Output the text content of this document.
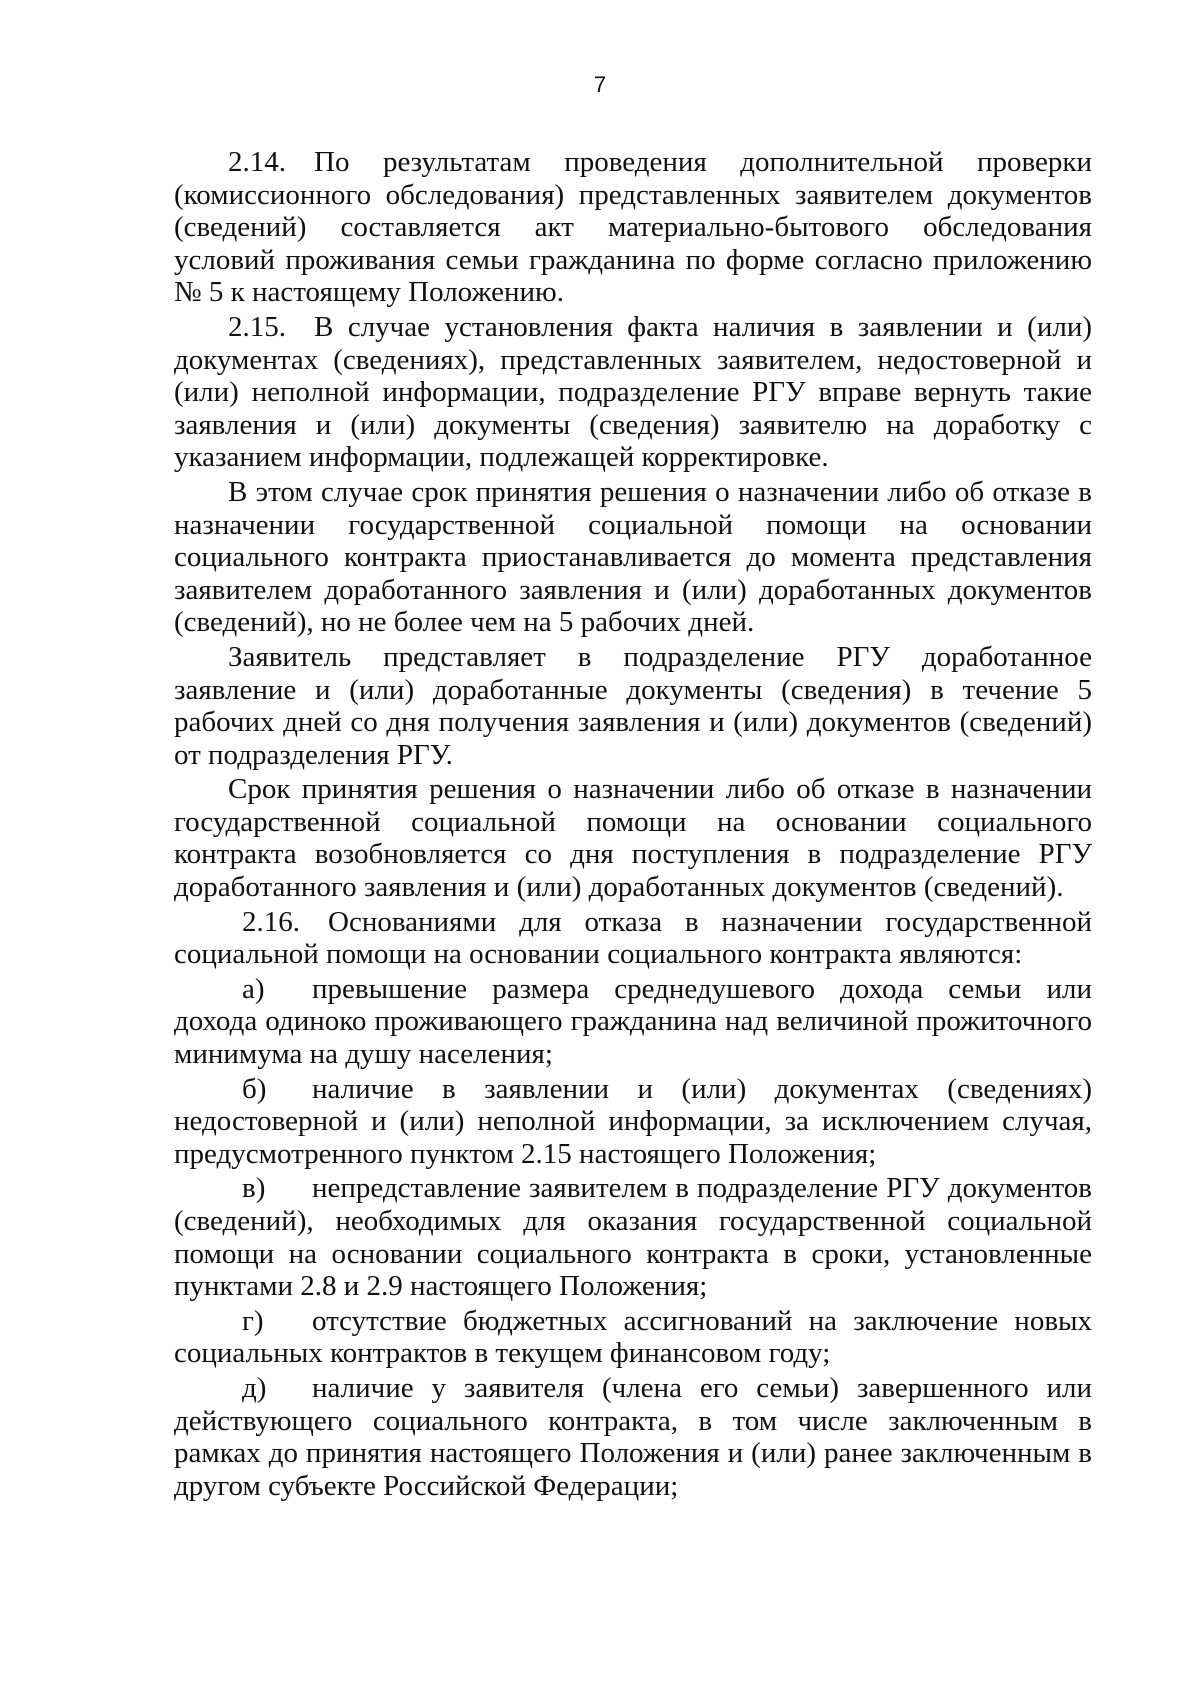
7

2.14. По результатам проведения дополнительной проверки (комиссионного обследования) представленных заявителем документов (сведений) составляется акт материально-бытового обследования условий проживания семьи гражданина по форме согласно приложению № 5 к настоящему Положению.

2.15. В случае установления факта наличия в заявлении и (или) документах (сведениях), представленных заявителем, недостоверной и (или) неполной информации, подразделение РГУ вправе вернуть такие заявления и (или) документы (сведения) заявителю на доработку с указанием информации, подлежащей корректировке.

В этом случае срок принятия решения о назначении либо об отказе в назначении государственной социальной помощи на основании социального контракта приостанавливается до момента представления заявителем доработанного заявления и (или) доработанных документов (сведений), но не более чем на 5 рабочих дней.

Заявитель представляет в подразделение РГУ доработанное заявление и (или) доработанные документы (сведения) в течение 5 рабочих дней со дня получения заявления и (или) документов (сведений) от подразделения РГУ.

Срок принятия решения о назначении либо об отказе в назначении государственной социальной помощи на основании социального контракта возобновляется со дня поступления в подразделение РГУ доработанного заявления и (или) доработанных документов (сведений).

2.16. Основаниями для отказа в назначении государственной социальной помощи на основании социального контракта являются:

а) превышение размера среднедушевого дохода семьи или дохода одиноко проживающего гражданина над величиной прожиточного минимума на душу населения;

б) наличие в заявлении и (или) документах (сведениях) недостоверной и (или) неполной информации, за исключением случая, предусмотренного пунктом 2.15 настоящего Положения;

в) непредставление заявителем в подразделение РГУ документов (сведений), необходимых для оказания государственной социальной помощи на основании социального контракта в сроки, установленные пунктами 2.8 и 2.9 настоящего Положения;

г) отсутствие бюджетных ассигнований на заключение новых социальных контрактов в текущем финансовом году;

д) наличие у заявителя (члена его семьи) завершенного или действующего социального контракта, в том числе заключенным в рамках до принятия настоящего Положения и (или) ранее заключенным в другом субъекте Российской Федерации;
